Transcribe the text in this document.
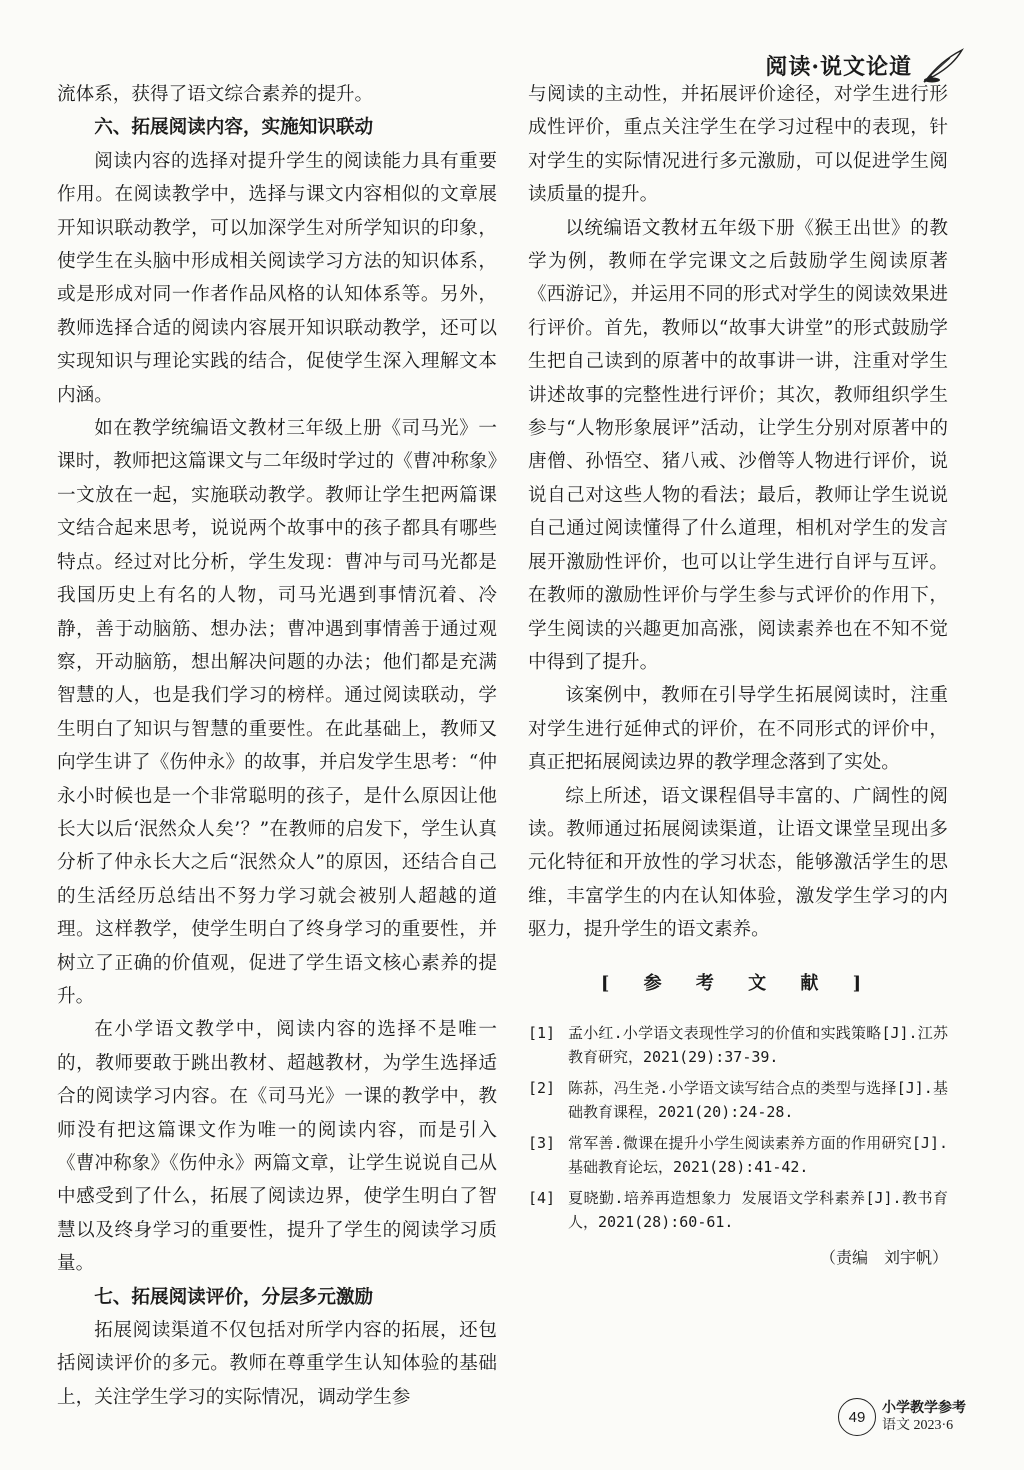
阅读·说文论道

流体系，获得了语文综合素养的提升。

六、拓展阅读内容，实施知识联动

阅读内容的选择对提升学生的阅读能力具有重要作用。在阅读教学中，选择与课文内容相似的文章展开知识联动教学，可以加深学生对所学知识的印象，使学生在头脑中形成相关阅读学习方法的知识体系，或是形成对同一作者作品风格的认知体系等。另外，教师选择合适的阅读内容展开知识联动教学，还可以实现知识与理论实践的结合，促使学生深入理解文本内涵。

如在教学统编语文教材三年级上册《司马光》一课时，教师把这篇课文与二年级时学过的《曹冲称象》一文放在一起，实施联动教学。教师让学生把两篇课文结合起来思考，说说两个故事中的孩子都具有哪些特点。经过对比分析，学生发现：曹冲与司马光都是我国历史上有名的人物，司马光遇到事情沉着、冷静，善于动脑筋、想办法；曹冲遇到事情善于通过观察，开动脑筋，想出解决问题的办法；他们都是充满智慧的人，也是我们学习的榜样。通过阅读联动，学生明白了知识与智慧的重要性。在此基础上，教师又向学生讲了《伤仲永》的故事，并启发学生思考：“仲永小时候也是一个非常聪明的孩子，是什么原因让他长大以后‘泯然众人矣’？”在教师的启发下，学生认真分析了仲永长大之后“泯然众人”的原因，还结合自己的生活经历总结出不努力学习就会被别人超越的道理。这样教学，使学生明白了终身学习的重要性，并树立了正确的价值观，促进了学生语文核心素养的提升。

在小学语文教学中，阅读内容的选择不是唯一的，教师要敢于跳出教材、超越教材，为学生选择适合的阅读学习内容。在《司马光》一课的教学中，教师没有把这篇课文作为唯一的阅读内容，而是引入《曹冲称象》《伤仲永》两篇文章，让学生说说自己从中感受到了什么，拓展了阅读边界，使学生明白了智慧以及终身学习的重要性，提升了学生的阅读学习质量。

七、拓展阅读评价，分层多元激励

拓展阅读渠道不仅包括对所学内容的拓展，还包括阅读评价的多元。教师在尊重学生认知体验的基础上，关注学生学习的实际情况，调动学生参

与阅读的主动性，并拓展评价途径，对学生进行形成性评价，重点关注学生在学习过程中的表现，针对学生的实际情况进行多元激励，可以促进学生阅读质量的提升。

以统编语文教材五年级下册《猴王出世》的教学为例，教师在学完课文之后鼓励学生阅读原著《西游记》，并运用不同的形式对学生的阅读效果进行评价。首先，教师以“故事大讲堂”的形式鼓励学生把自己读到的原著中的故事讲一讲，注重对学生讲述故事的完整性进行评价；其次，教师组织学生参与“人物形象展评”活动，让学生分别对原著中的唐僧、孙悟空、猪八戒、沙僧等人物进行评价，说说自己对这些人物的看法；最后，教师让学生说说自己通过阅读懂得了什么道理，相机对学生的发言展开激励性评价，也可以让学生进行自评与互评。在教师的激励性评价与学生参与式评价的作用下，学生阅读的兴趣更加高涨，阅读素养也在不知不觉中得到了提升。

该案例中，教师在引导学生拓展阅读时，注重对学生进行延伸式的评价，在不同形式的评价中，真正把拓展阅读边界的教学理念落到了实处。

综上所述，语文课程倡导丰富的、广阔性的阅读。教师通过拓展阅读渠道，让语文课堂呈现出多元化特征和开放性的学习状态，能够激活学生的思维，丰富学生的内在认知体验，激发学生学习的内驱力，提升学生的语文素养。

[ 参 考 文 献 ]
[1] 孟小红.小学语文表现性学习的价值和实践策略[J].江苏教育研究，2021(29):37-39.
[2] 陈荪，冯生尧.小学语文读写结合点的类型与选择[J].基础教育课程，2021(20):24-28.
[3] 常军善.微课在提升小学生阅读素养方面的作用研究[J].基础教育论坛，2021(28):41-42.
[4] 夏晓勤.培养再造想象力 发展语文学科素养[J].教书育人，2021(28):60-61.
（责编　刘宇帆）
49
小学教学参考
语文 2023·6
